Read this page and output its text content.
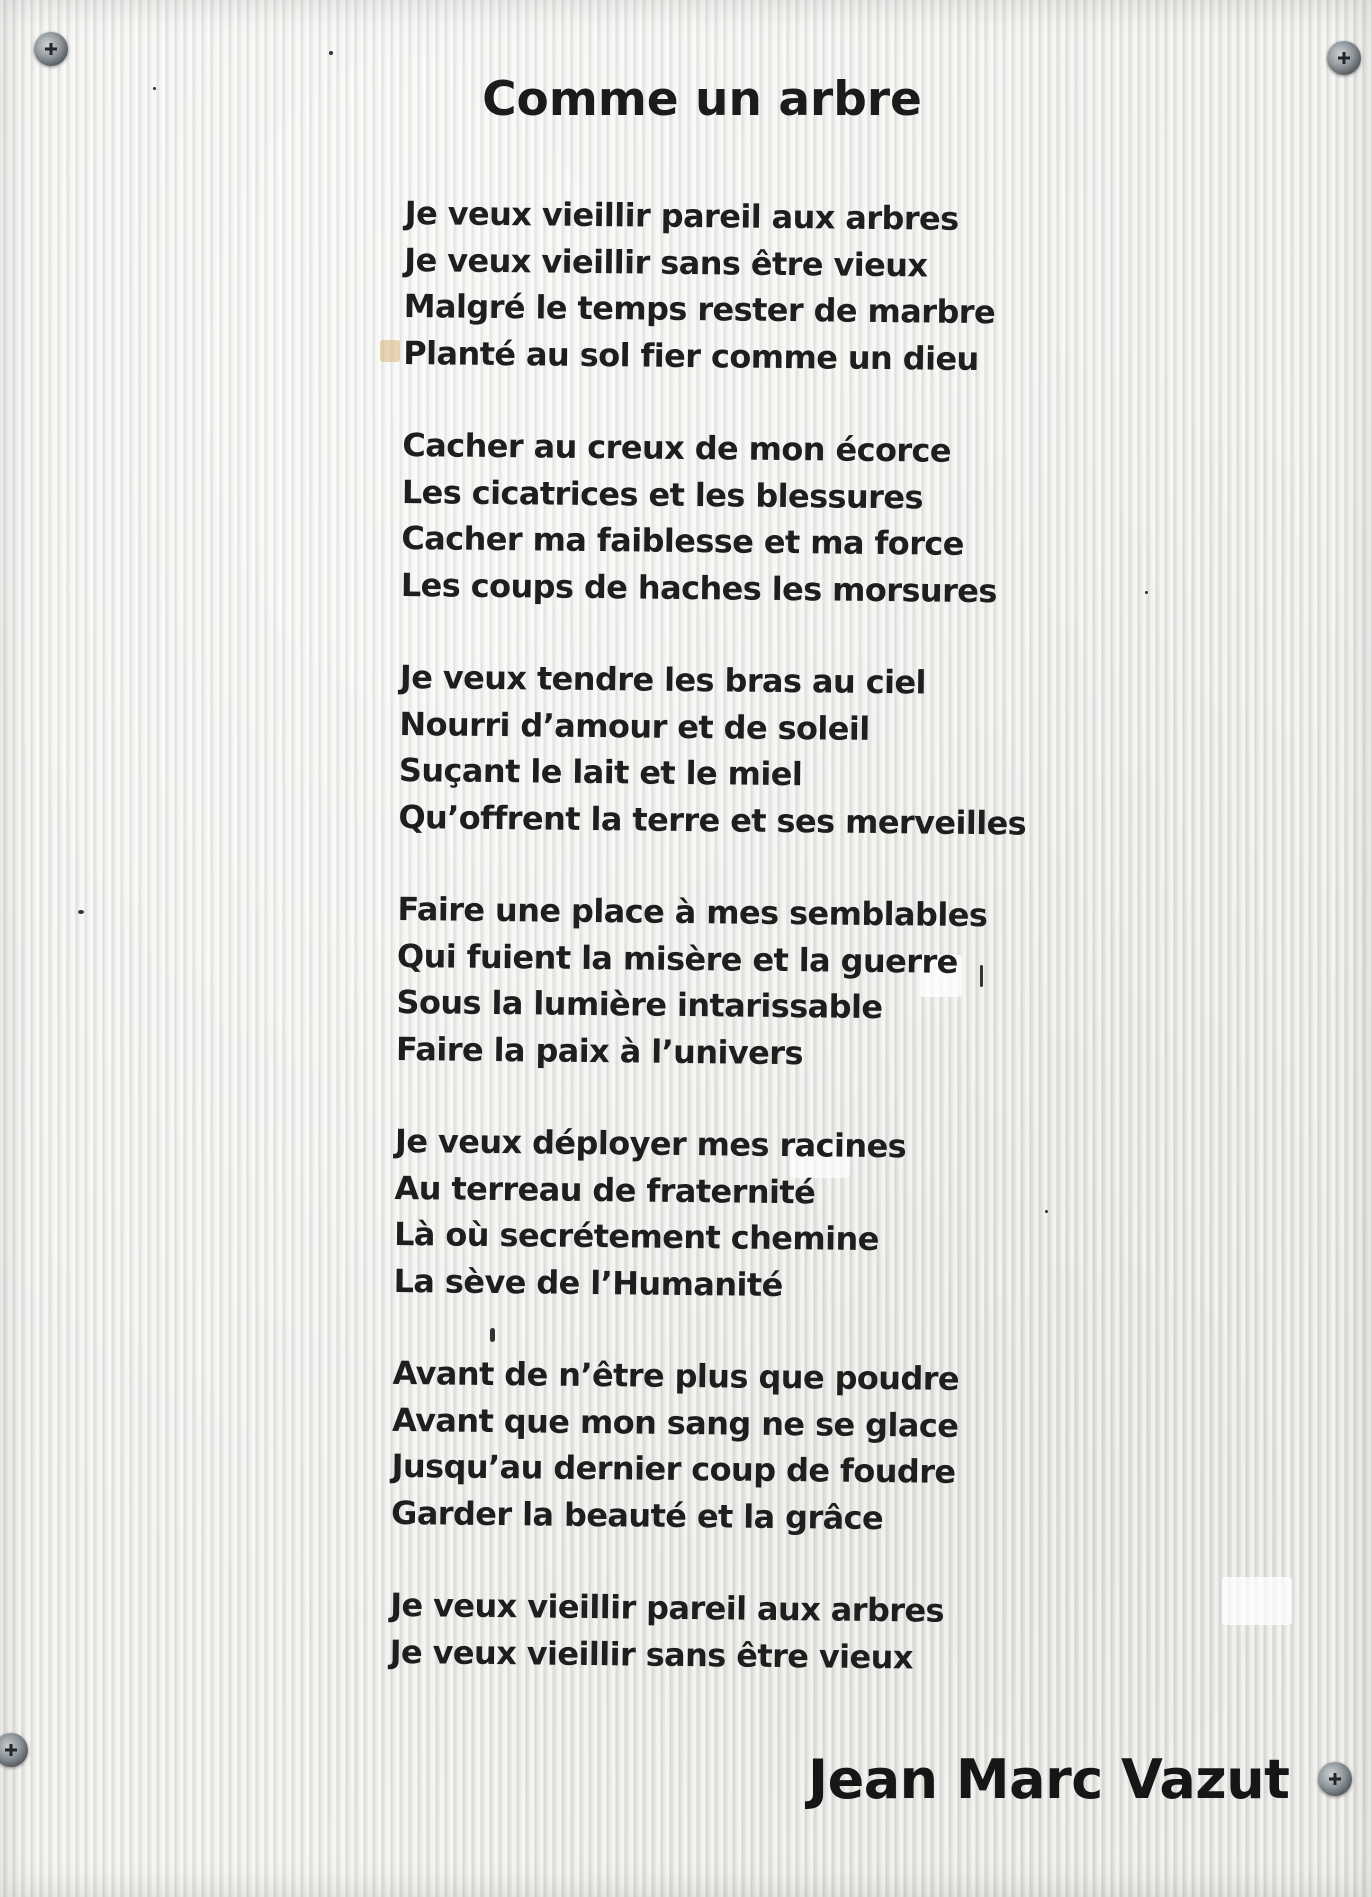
Comme un arbre
Je veux vieillir pareil aux arbres
Je veux vieillir sans être vieux
Malgré le temps rester de marbre
Planté au sol fier comme un dieu
Cacher au creux de mon écorce
Les cicatrices et les blessures
Cacher ma faiblesse et ma force
Les coups de haches les morsures
Je veux tendre les bras au ciel
Nourri d’amour et de soleil
Suçant le lait et le miel
Qu’offrent la terre et ses merveilles
Faire une place à mes semblables
Qui fuient la misère et la guerre
Sous la lumière intarissable
Faire la paix à l’univers
Je veux déployer mes racines
Au terreau de fraternité
Là où secrétement chemine
La sève de l’Humanité
Avant de n’être plus que poudre
Avant que mon sang ne se glace
Jusqu’au dernier coup de foudre
Garder la beauté et la grâce
Je veux vieillir pareil aux arbres
Je veux vieillir sans être vieux
Jean Marc Vazut
